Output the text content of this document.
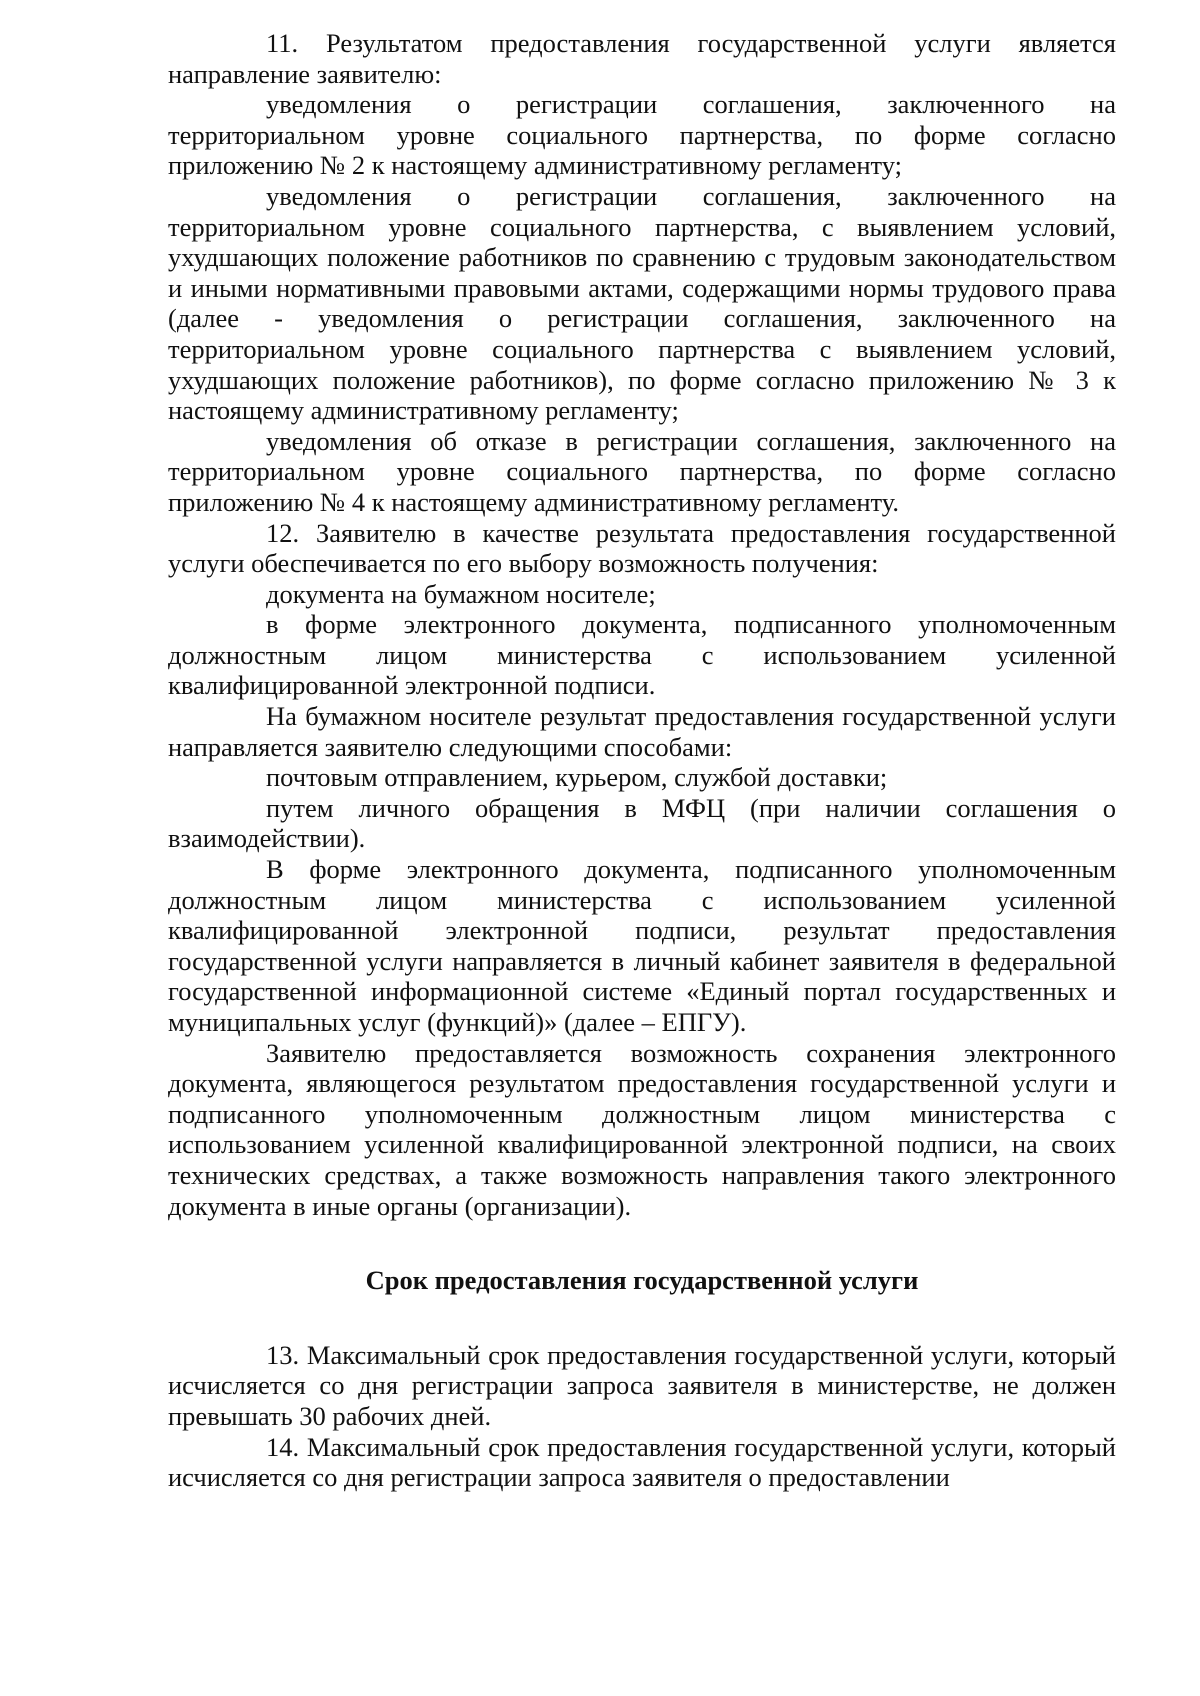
11. Результатом предоставления государственной услуги является направление заявителю:

уведомления о регистрации соглашения, заключенного на территориальном уровне социального партнерства, по форме согласно приложению № 2 к настоящему административному регламенту;

уведомления о регистрации соглашения, заключенного на территориальном уровне социального партнерства, с выявлением условий, ухудшающих положение работников по сравнению с трудовым законодательством и иными нормативными правовыми актами, содержащими нормы трудового права (далее - уведомления о регистрации соглашения, заключенного на территориальном уровне социального партнерства с выявлением условий, ухудшающих положение работников), по форме согласно приложению № 3 к настоящему административному регламенту;

уведомления об отказе в регистрации соглашения, заключенного на территориальном уровне социального партнерства, по форме согласно приложению № 4 к настоящему административному регламенту.

12. Заявителю в качестве результата предоставления государственной услуги обеспечивается по его выбору возможность получения:

документа на бумажном носителе;

в форме электронного документа, подписанного уполномоченным должностным лицом министерства с использованием усиленной квалифицированной электронной подписи.

На бумажном носителе результат предоставления государственной услуги направляется заявителю следующими способами:

почтовым отправлением, курьером, службой доставки;

путем личного обращения в МФЦ (при наличии соглашения о взаимодействии).

В форме электронного документа, подписанного уполномоченным должностным лицом министерства с использованием усиленной квалифицированной электронной подписи, результат предоставления государственной услуги направляется в личный кабинет заявителя в федеральной государственной информационной системе «Единый портал государственных и муниципальных услуг (функций)» (далее – ЕПГУ).

Заявителю предоставляется возможность сохранения электронного документа, являющегося результатом предоставления государственной услуги и подписанного уполномоченным должностным лицом министерства с использованием усиленной квалифицированной электронной подписи, на своих технических средствах, а также возможность направления такого электронного документа в иные органы (организации).

Срок предоставления государственной услуги

13. Максимальный срок предоставления государственной услуги, который исчисляется со дня регистрации запроса заявителя в министерстве, не должен превышать 30 рабочих дней.

14. Максимальный срок предоставления государственной услуги, который исчисляется со дня регистрации запроса заявителя о предоставлении
